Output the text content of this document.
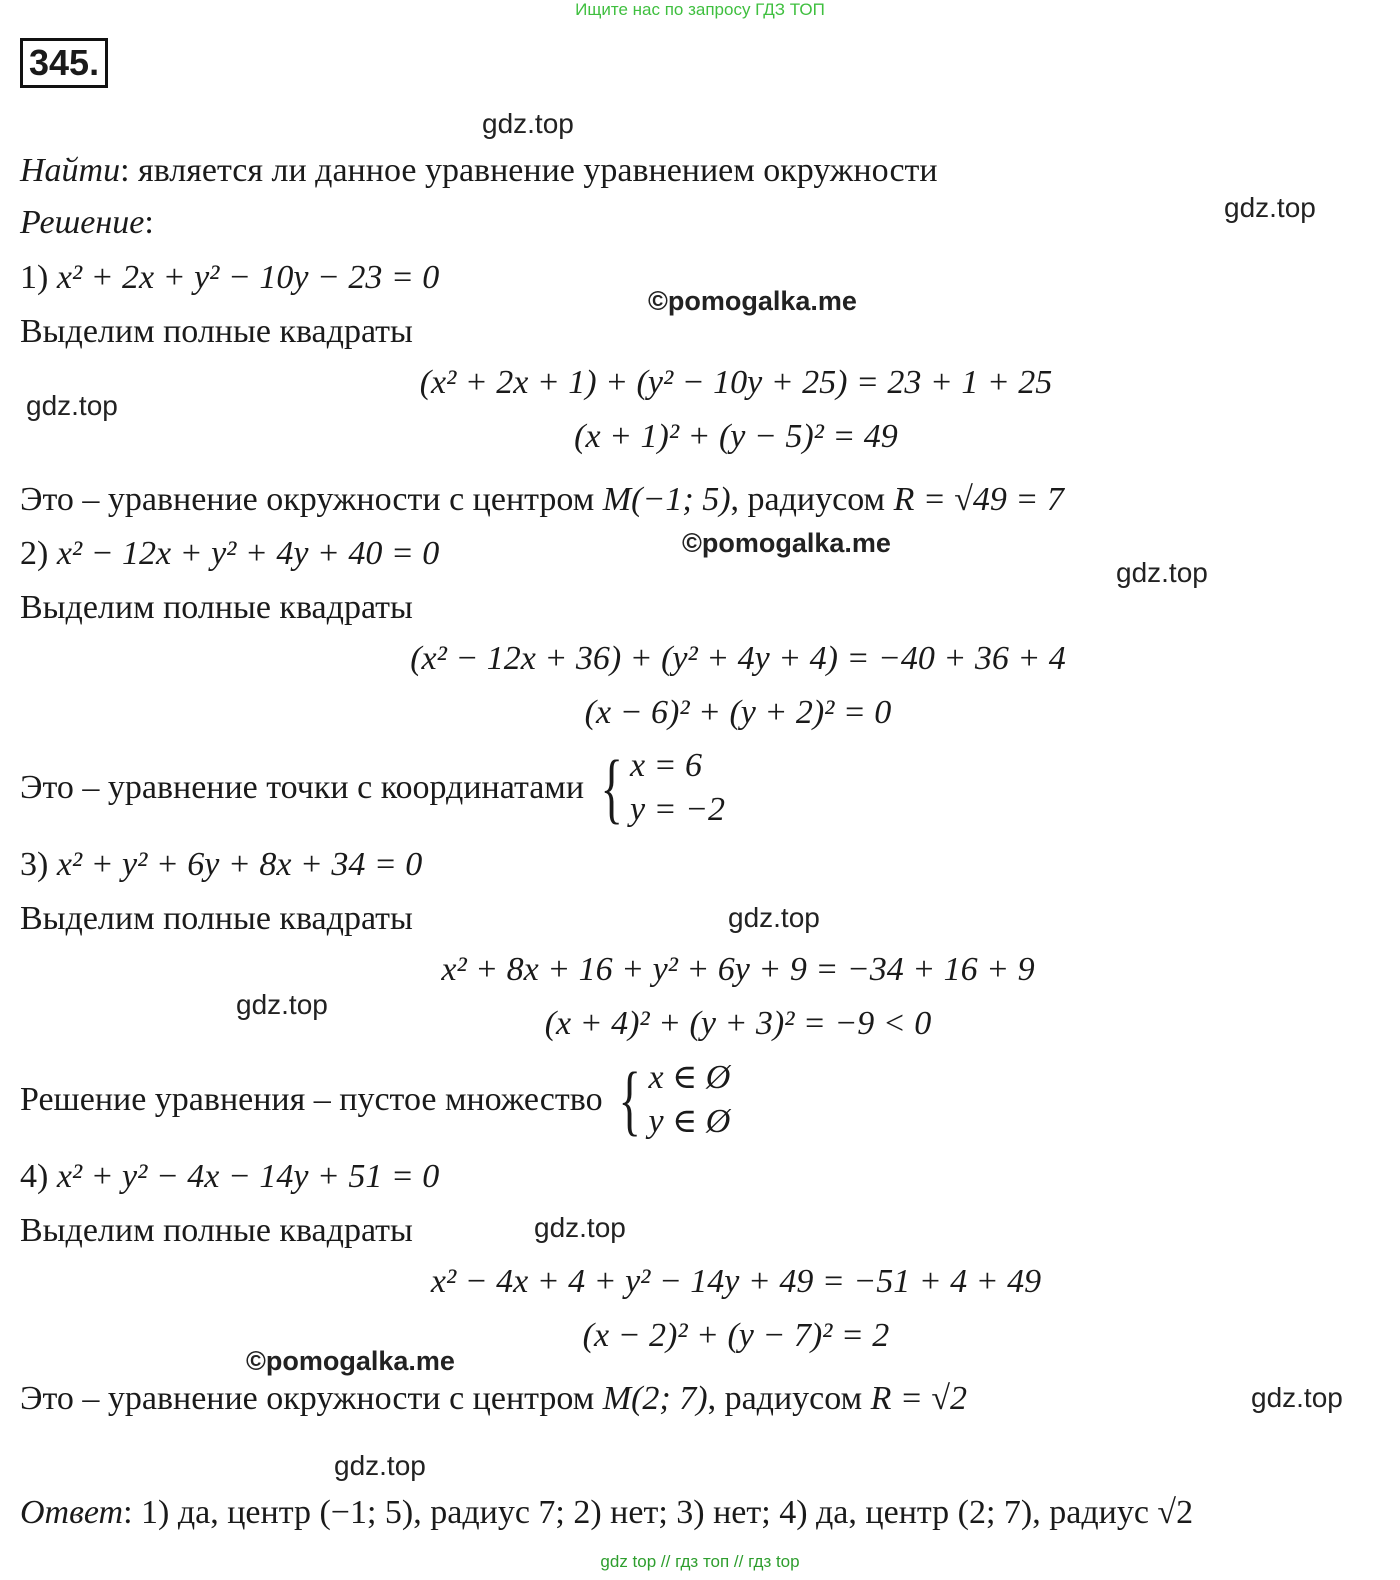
Ищите нас по запросу ГДЗ ТОП
345.
gdz.top
gdz.top
©pomogalka.me
gdz.top
©pomogalka.me
gdz.top
gdz.top
gdz.top
gdz.top
©pomogalka.me
gdz.top
gdz.top
Найти: является ли данное уравнение уравнением окружности
Решение:
1) x² + 2x + y² − 10y − 23 = 0
Выделим полные квадраты
(x² + 2x + 1) + (y² − 10y + 25) = 23 + 1 + 25
(x + 1)² + (y − 5)² = 49
Это – уравнение окружности с центром M(−1; 5), радиусом R = √49 = 7
2) x² − 12x + y² + 4y + 40 = 0
Выделим полные квадраты
(x² − 12x + 36) + (y² + 4y + 4) = −40 + 36 + 4
(x − 6)² + (y + 2)² = 0
Это – уравнение точки с координатами { x = 6
y = −2
3) x² + y² + 6y + 8x + 34 = 0
Выделим полные квадраты
x² + 8x + 16 + y² + 6y + 9 = −34 + 16 + 9
(x + 4)² + (y + 3)² = −9 < 0
Решение уравнения – пустое множество { x ∈ Ø
y ∈ Ø
4) x² + y² − 4x − 14y + 51 = 0
Выделим полные квадраты
x² − 4x + 4 + y² − 14y + 49 = −51 + 4 + 49
(x − 2)² + (y − 7)² = 2
Это – уравнение окружности с центром M(2; 7), радиусом R = √2
Ответ: 1) да, центр (−1; 5), радиус 7; 2) нет; 3) нет; 4) да, центр (2; 7), радиус √2
gdz top // гдз топ // гдз top
